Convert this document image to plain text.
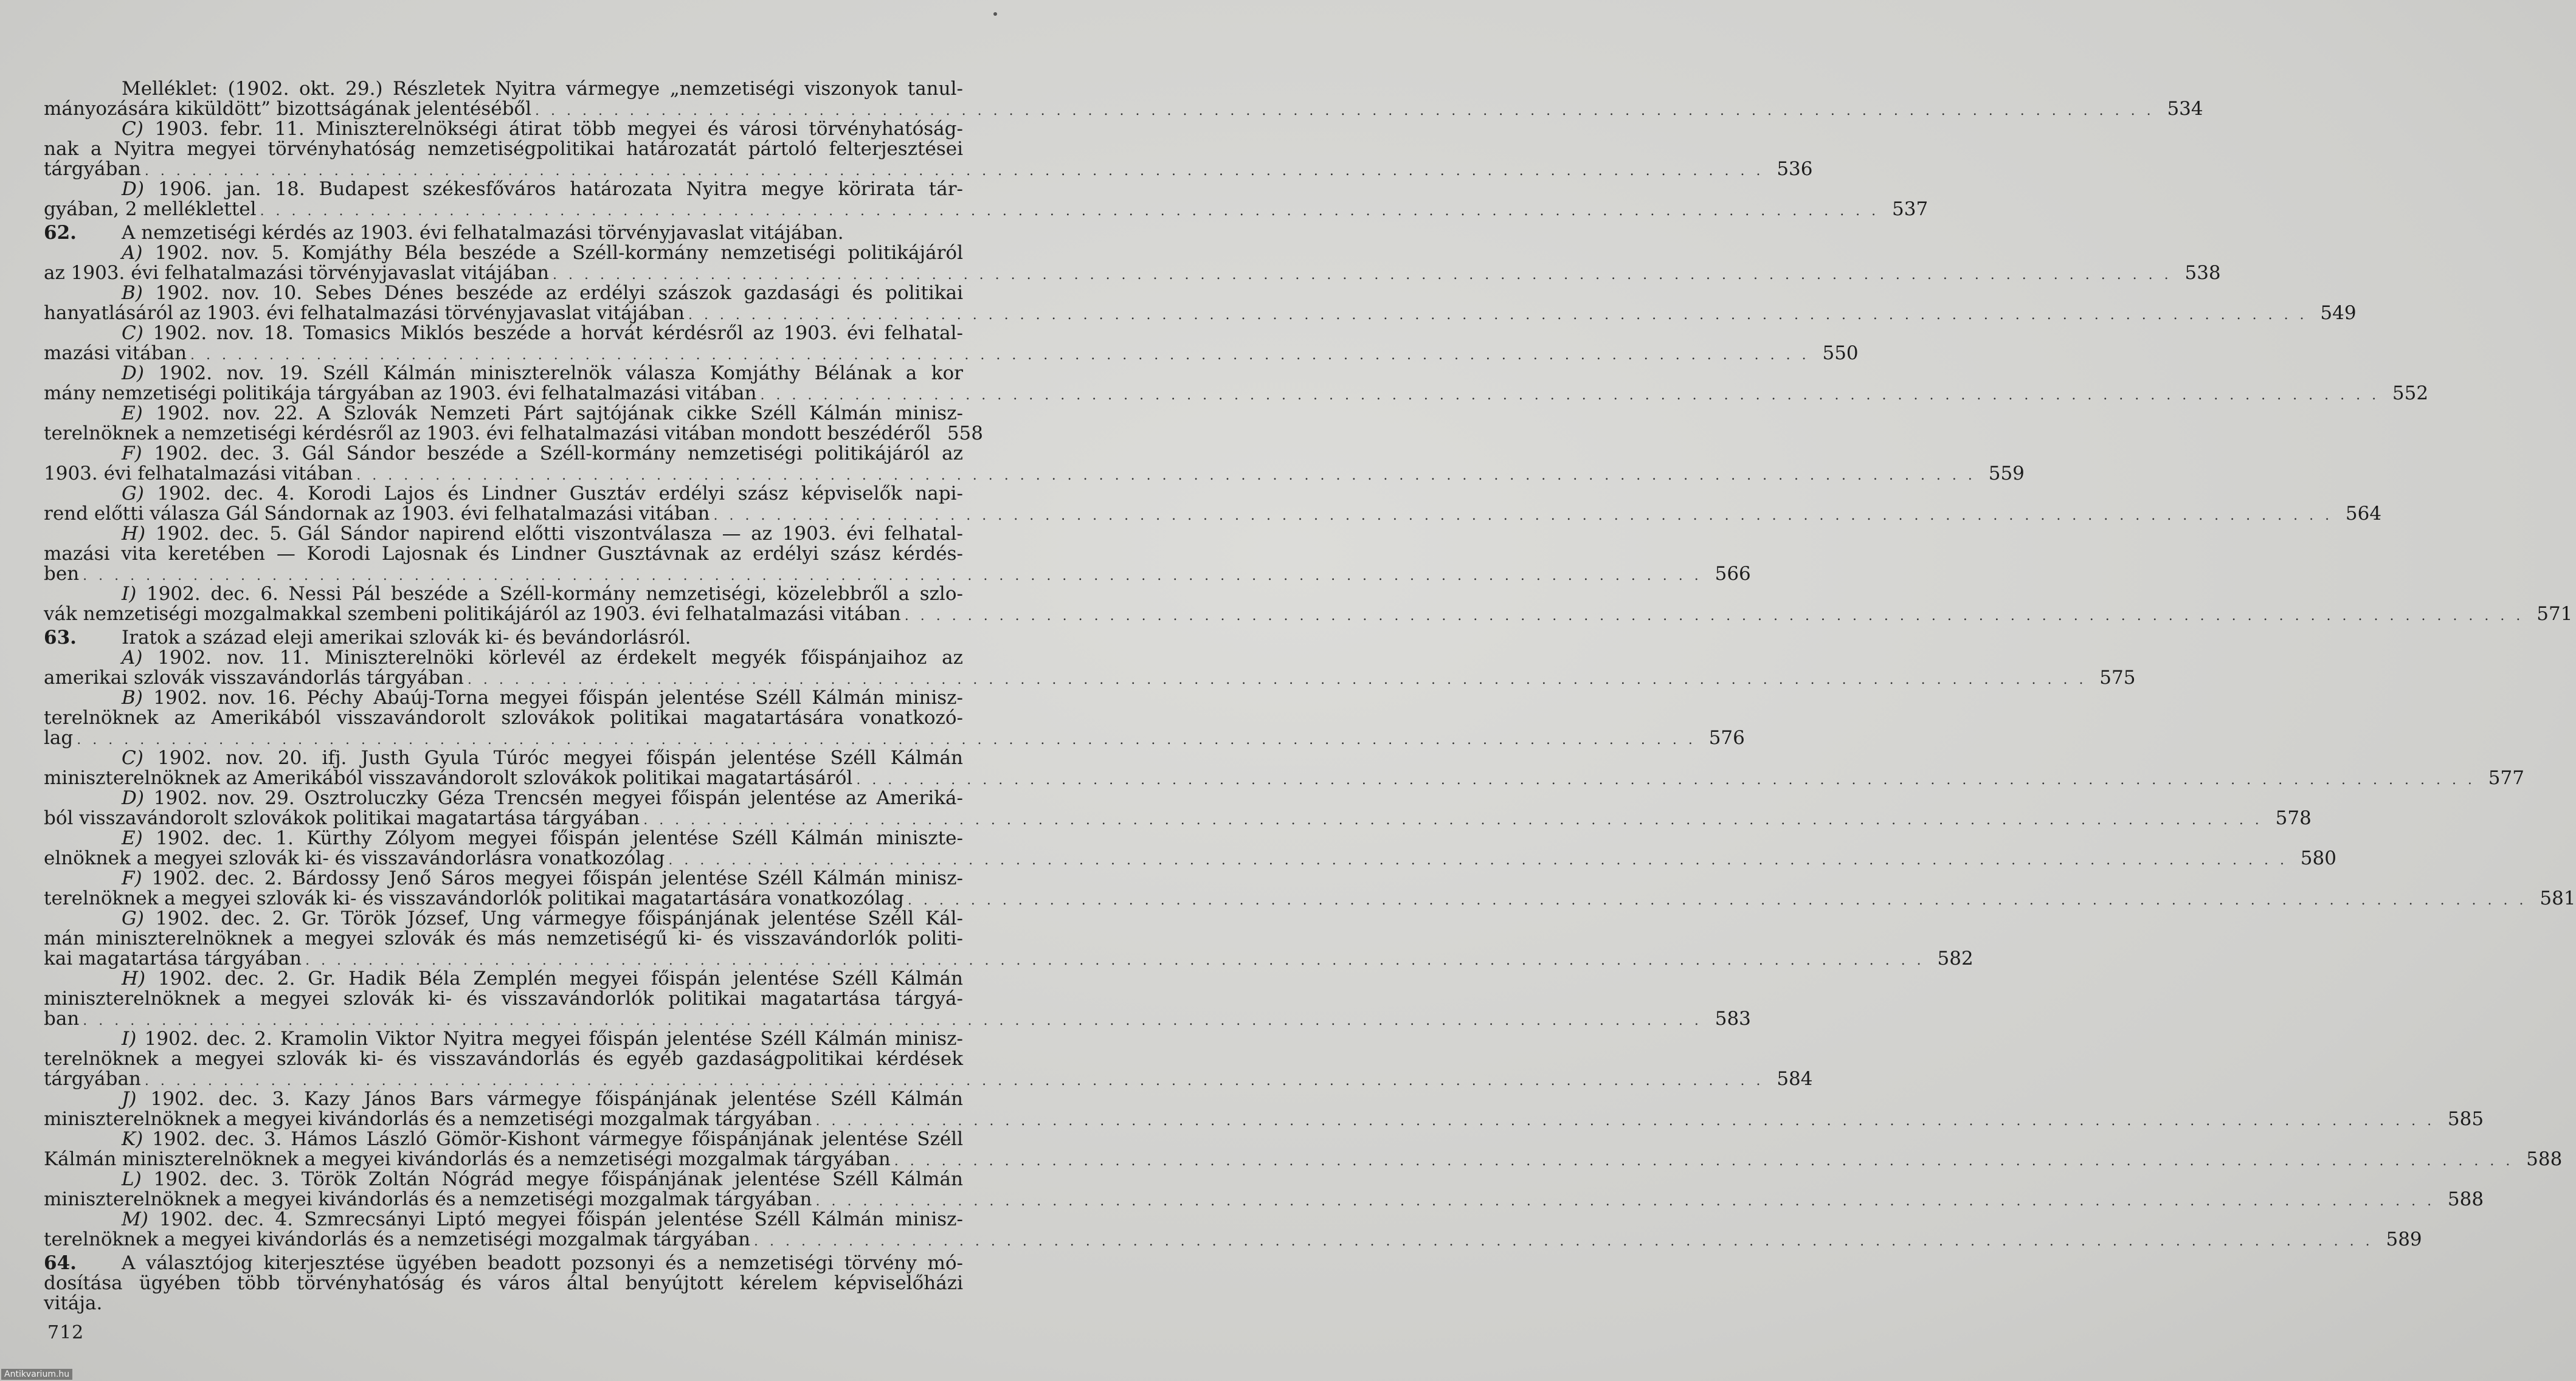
Melléklet: (1902. okt. 29.) Részletek Nyitra vármegye „nemzetiségi viszonyok tanul-
mányozására kiküldött” bizottságának jelentéséből . . .	534
C) 1903. febr. 11. Miniszterelnökségi átirat több megyei és városi törvényhatóság-
nak a Nyitra megyei törvényhatóság nemzetiségpolitikai határozatát pártoló felterjesztései
tárgyában . . .	536
D) 1906. jan. 18. Budapest székesfőváros határozata Nyitra megye körirata tár-
gyában, 2 melléklettel . . .	537
62. A nemzetiségi kérdés az 1903. évi felhatalmazási törvényjavaslat vitájában.
A) 1902. nov. 5. Komjáthy Béla beszéde a Széll-kormány nemzetiségi politikájáról
az 1903. évi felhatalmazási törvényjavaslat vitájában . . .	538
B) 1902. nov. 10. Sebes Dénes beszéde az erdélyi szászok gazdasági és politikai
hanyatlásáról az 1903. évi felhatalmazási törvényjavaslat vitájában . . .	549
C) 1902. nov. 18. Tomasics Miklós beszéde a horvát kérdésről az 1903. évi felhatal-
mazási vitában . . .	550
D) 1902. nov. 19. Széll Kálmán miniszterelnök válasza Komjáthy Bélának a kor
mány nemzetiségi politikája tárgyában az 1903. évi felhatalmazási vitában . . .	552
E) 1902. nov. 22. A Szlovák Nemzeti Párt sajtójának cikke Széll Kálmán minisz-
terelnöknek a nemzetiségi kérdésről az 1903. évi felhatalmazási vitában mondott beszédéről 558
F) 1902. dec. 3. Gál Sándor beszéde a Széll-kormány nemzetiségi politikájáról az
1903. évi felhatalmazási vitában . . .	559
G) 1902. dec. 4. Korodi Lajos és Lindner Gusztáv erdélyi szász képviselők napi-
rend előtti válasza Gál Sándornak az 1903. évi felhatalmazási vitában . . .	564
H) 1902. dec. 5. Gál Sándor napirend előtti viszontválasza — az 1903. évi felhatal-
mazási vita keretében — Korodi Lajosnak és Lindner Gusztávnak az erdélyi szász kérdés-
ben . . .	566
I) 1902. dec. 6. Nessi Pál beszéde a Széll-kormány nemzetiségi, közelebbről a szlo-
vák nemzetiségi mozgalmakkal szembeni politikájáról az 1903. évi felhatalmazási vitában . . .	571
63. Iratok a század eleji amerikai szlovák ki- és bevándorlásról.
A) 1902. nov. 11. Miniszterelnöki körlevél az érdekelt megyék főispánjaihoz az
amerikai szlovák visszavándorlás tárgyában . . .	575
B) 1902. nov. 16. Péchy Abaúj-Torna megyei főispán jelentése Széll Kálmán minisz-
terelnöknek az Amerikából visszavándorolt szlovákok politikai magatartására vonatkozó-
lag . . .	576
C) 1902. nov. 20. ifj. Justh Gyula Túróc megyei főispán jelentése Széll Kálmán
miniszterelnöknek az Amerikából visszavándorolt szlovákok politikai magatartásáról . . .	577
D) 1902. nov. 29. Osztroluczky Géza Trencsén megyei főispán jelentése az Ameriká-
ból visszavándorolt szlovákok politikai magatartása tárgyában . . .	578
E) 1902. dec. 1. Kürthy Zólyom megyei főispán jelentése Széll Kálmán miniszte-
elnöknek a megyei szlovák ki- és visszavándorlásra vonatkozólag . . .	580
F) 1902. dec. 2. Bárdossy Jenő Sáros megyei főispán jelentése Széll Kálmán minisz-
terelnöknek a megyei szlovák ki- és visszavándorlók politikai magatartására vonatkozólag . . .	581
G) 1902. dec. 2. Gr. Török József, Ung vármegye főispánjának jelentése Széll Kál-
mán miniszterelnöknek a megyei szlovák és más nemzetiségű ki- és visszavándorlók politi-
kai magatartása tárgyában . . .	582
H) 1902. dec. 2. Gr. Hadik Béla Zemplén megyei főispán jelentése Széll Kálmán
miniszterelnöknek a megyei szlovák ki- és visszavándorlók politikai magatartása tárgyá-
ban . . .	583
I) 1902. dec. 2. Kramolin Viktor Nyitra megyei főispán jelentése Széll Kálmán minisz-
terelnöknek a megyei szlovák ki- és visszavándorlás és egyéb gazdaságpolitikai kérdések
tárgyában . . .	584
J) 1902. dec. 3. Kazy János Bars vármegye főispánjának jelentése Széll Kálmán
miniszterelnöknek a megyei kivándorlás és a nemzetiségi mozgalmak tárgyában . . .	585
K) 1902. dec. 3. Hámos László Gömör-Kishont vármegye főispánjának jelentése Széll
Kálmán miniszterelnöknek a megyei kivándorlás és a nemzetiségi mozgalmak tárgyában . . .	588
L) 1902. dec. 3. Török Zoltán Nógrád megye főispánjának jelentése Széll Kálmán
miniszterelnöknek a megyei kivándorlás és a nemzetiségi mozgalmak tárgyában . . .	588
M) 1902. dec. 4. Szmrecsányi Liptó megyei főispán jelentése Széll Kálmán minisz-
terelnöknek a megyei kivándorlás és a nemzetiségi mozgalmak tárgyában . . .	589
64. A választójog kiterjesztése ügyében beadott pozsonyi és a nemzetiségi törvény mó-
dosítása ügyében több törvényhatóság és város által benyújtott kérelem képviselőházi
vitája.
712
Antikvarium.hu
